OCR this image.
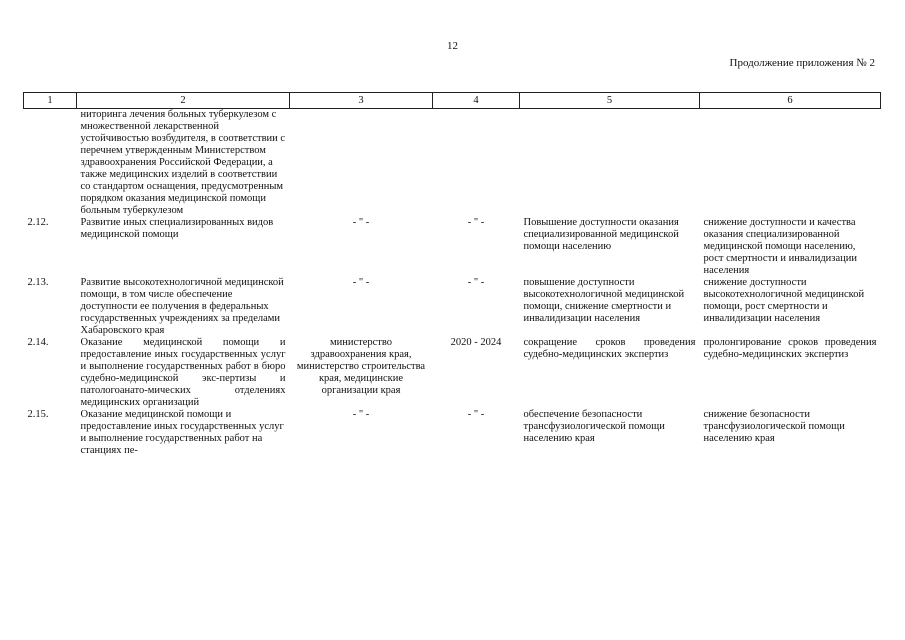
12
Продолжение приложения № 2
1	2	3	4	5	6
	ниторинга лечения больных туберкулезом с множественной лекарственной устойчивостью возбудителя, в соответствии с перечнем утвержденным Министерством здравоохранения Российской Федерации, а также медицинских изделий в соответствии со стандартом оснащения, предусмотренным порядком оказания медицинской помощи больным туберкулезом				
2.12.	Развитие иных специализированных видов медицинской помощи	- " -	- " -	Повышение доступности оказания специализированной медицинской помощи населению	снижение доступности и качества оказания специализированной медицинской помощи населению, рост смертности и инвалидизации населения
2.13.	Развитие высокотехнологичной медицинской помощи, в том числе обеспечение доступности ее получения в федеральных государственных учреждениях за пределами Хабаровского края	- " -	- " -	повышение доступности высокотехнологичной медицинской помощи, снижение смертности и инвалидизации населения	снижение доступности высокотехнологичной медицинской помощи, рост смертности и инвалидизации населения
2.14.	Оказание медицинской помощи и предоставление иных государственных услуг и выполнение государственных работ в бюро судебно-медицинской экс-пертизы и патологоанато-мических отделениях медицинских организаций	министерство здравоохранения края, министерство строительства края, медицинские организации края	2020 - 2024	сокращение сроков проведения судебно-медицинских экспертиз	пролонгирование сроков проведения судебно-медицинских экспертиз
2.15.	Оказание медицинской помощи и предоставление иных государственных услуг и выполнение государственных работ на станциях пе-	- " -	- " -	обеспечение безопасности трансфузиологической помощи населению края	снижение безопасности трансфузиологической помощи населению края
